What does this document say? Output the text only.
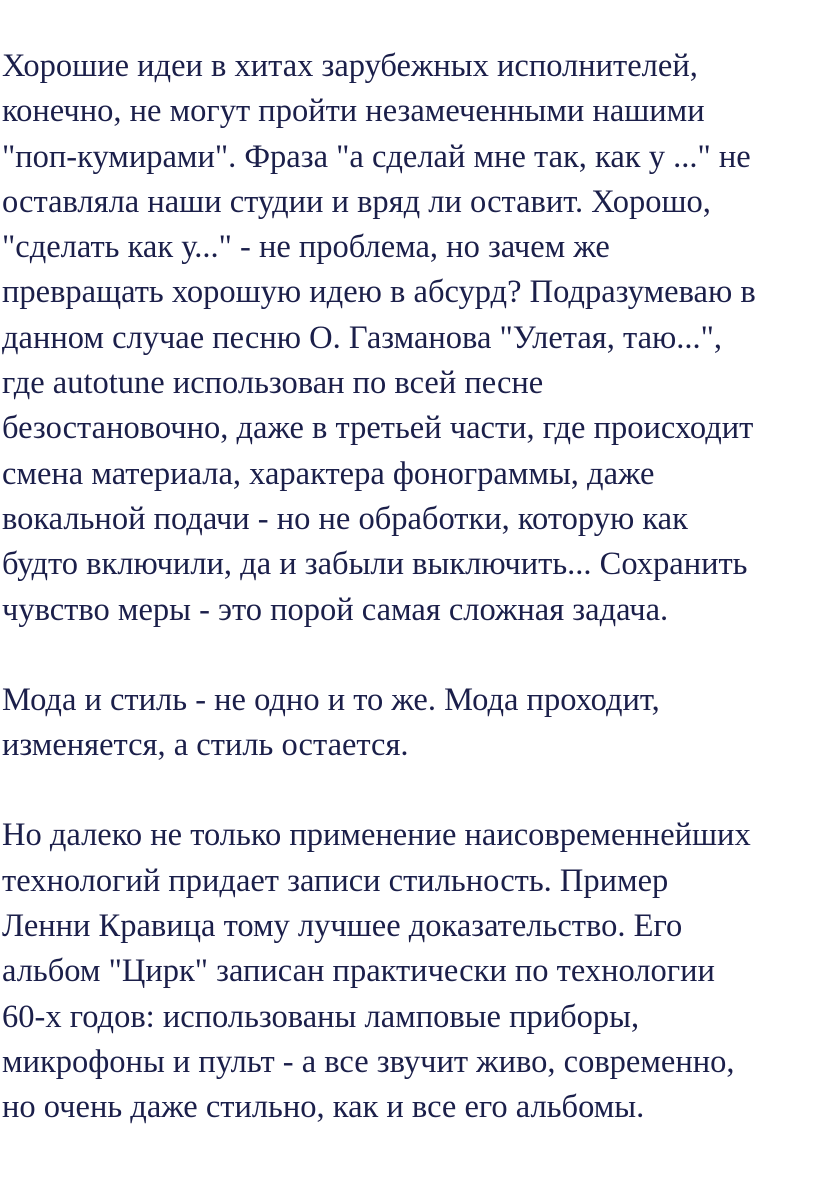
Хорошие идеи в хитах зарубежных исполнителей,
конечно, не могут пройти незамеченными нашими
"поп-кумирами". Фраза "а сделай мне так, как у ..." не
оставляла наши студии и вряд ли оставит. Хорошо,
"сделать как у..." - не проблема, но зачем же
превращать хорошую идею в абсурд? Подразумеваю в
данном случае песню О. Газманова "Улетая, таю...",
где autotune использован по всей песне
безостановочно, даже в третьей части, где происходит
смена материала, характера фонограммы, даже
вокальной подачи - но не обработки, которую как
будто включили, да и забыли выключить... Сохранить
чувство меры - это порой самая сложная задача.

Мода и стиль - не одно и то же. Мода проходит,
изменяется, а стиль остается.

Но далеко не только применение наисовременнейших
технологий придает записи стильность. Пример
Ленни Кравица тому лучшее доказательство. Его
альбом "Цирк" записан практически по технологии
60-х годов: использованы ламповые приборы,
микрофоны и пульт - а все звучит живо, современно,
но очень даже стильно, как и все его альбомы.
